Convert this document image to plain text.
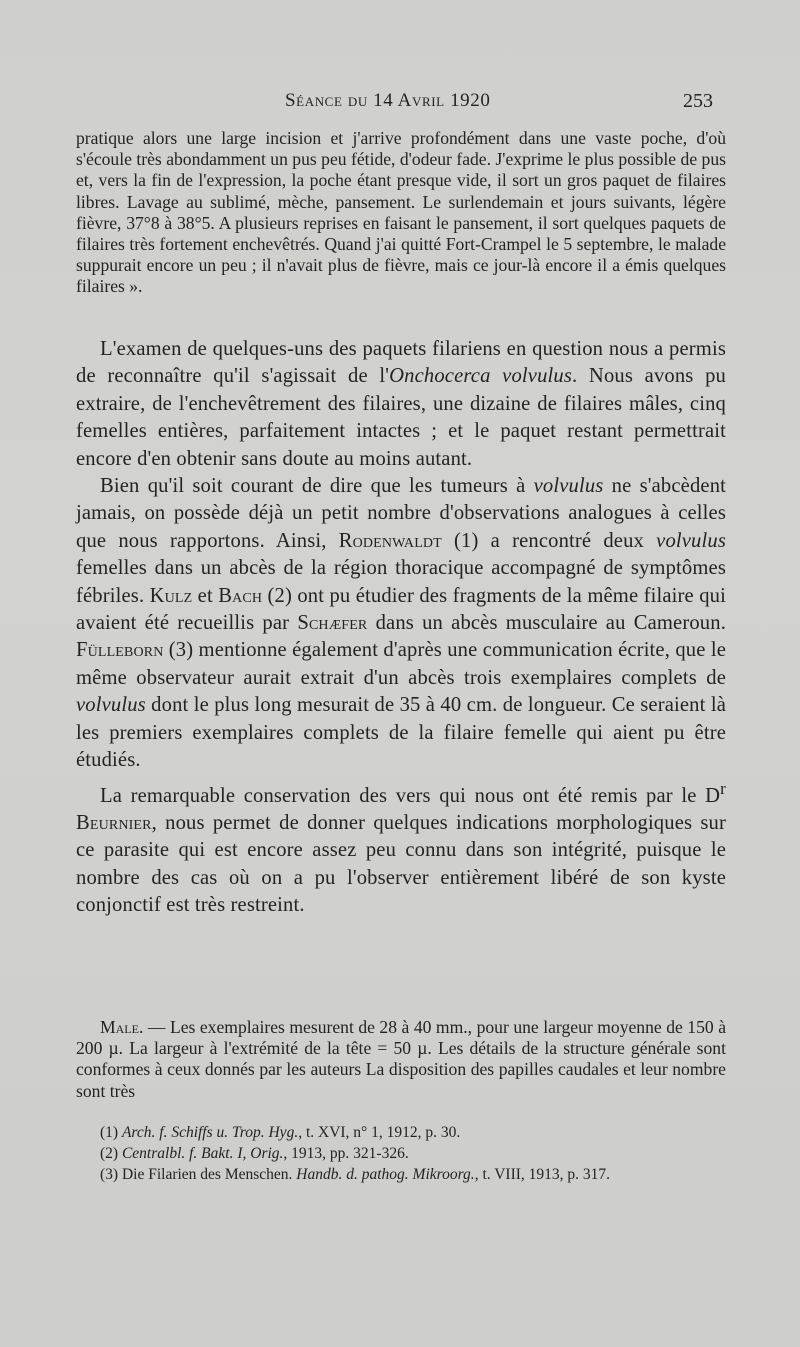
Séance du 14 Avril 1920	253

pratique alors une large incision et j'arrive profondément dans une vaste poche, d'où s'écoule très abondamment un pus peu fétide, d'odeur fade. J'exprime le plus possible de pus et, vers la fin de l'expression, la poche étant presque vide, il sort un gros paquet de filaires libres. Lavage au sublimé, mèche, pansement. Le surlendemain et jours suivants, légère fièvre, 37°8 à 38°5. A plusieurs reprises en faisant le pansement, il sort quelques paquets de filaires très fortement enchevêtrés. Quand j'ai quitté Fort-Crampel le 5 septembre, le malade suppurait encore un peu ; il n'avait plus de fièvre, mais ce jour-là encore il a émis quelques filaires ».

L'examen de quelques-uns des paquets filariens en question nous a permis de reconnaître qu'il s'agissait de l'Onchocerca volvulus. Nous avons pu extraire, de l'enchevêtrement des filaires, une dizaine de filaires mâles, cinq femelles entières, parfaitement intactes ; et le paquet restant permettrait encore d'en obtenir sans doute au moins autant.

Bien qu'il soit courant de dire que les tumeurs à volvulus ne s'abcèdent jamais, on possède déjà un petit nombre d'observations analogues à celles que nous rapportons. Ainsi, Rodenwaldt (1) a rencontré deux volvulus femelles dans un abcès de la région thoracique accompagné de symptômes fébriles. Kulz et Bach (2) ont pu étudier des fragments de la même filaire qui avaient été recueillis par Schæfer dans un abcès musculaire au Cameroun. Fülleborn (3) mentionne également d'après une communication écrite, que le même observateur aurait extrait d'un abcès trois exemplaires complets de volvulus dont le plus long mesurait de 35 à 40 cm. de longueur. Ce seraient là les premiers exemplaires complets de la filaire femelle qui aient pu être étudiés.

La remarquable conservation des vers qui nous ont été remis par le $D^r$ Beurnier, nous permet de donner quelques indications morphologiques sur ce parasite qui est encore assez peu connu dans son intégrité, puisque le nombre des cas où on a pu l'observer entièrement libéré de son kyste conjonctif est très restreint.

Male. — Les exemplaires mesurent de 28 à 40 mm., pour une largeur moyenne de 150 à 200 µ. La largeur à l'extrémité de la tête = 50 µ. Les détails de la structure générale sont conformes à ceux donnés par les auteurs La disposition des papilles caudales et leur nombre sont très

(1) Arch. f. Schiffs u. Trop. Hyg., t. XVI, n° 1, 1912, p. 30.
(2) Centralbl. f. Bakt. I, Orig., 1913, pp. 321-326.
(3) Die Filarien des Menschen. Handb. d. pathog. Mikroorg., t. VIII, 1913, p. 317.
